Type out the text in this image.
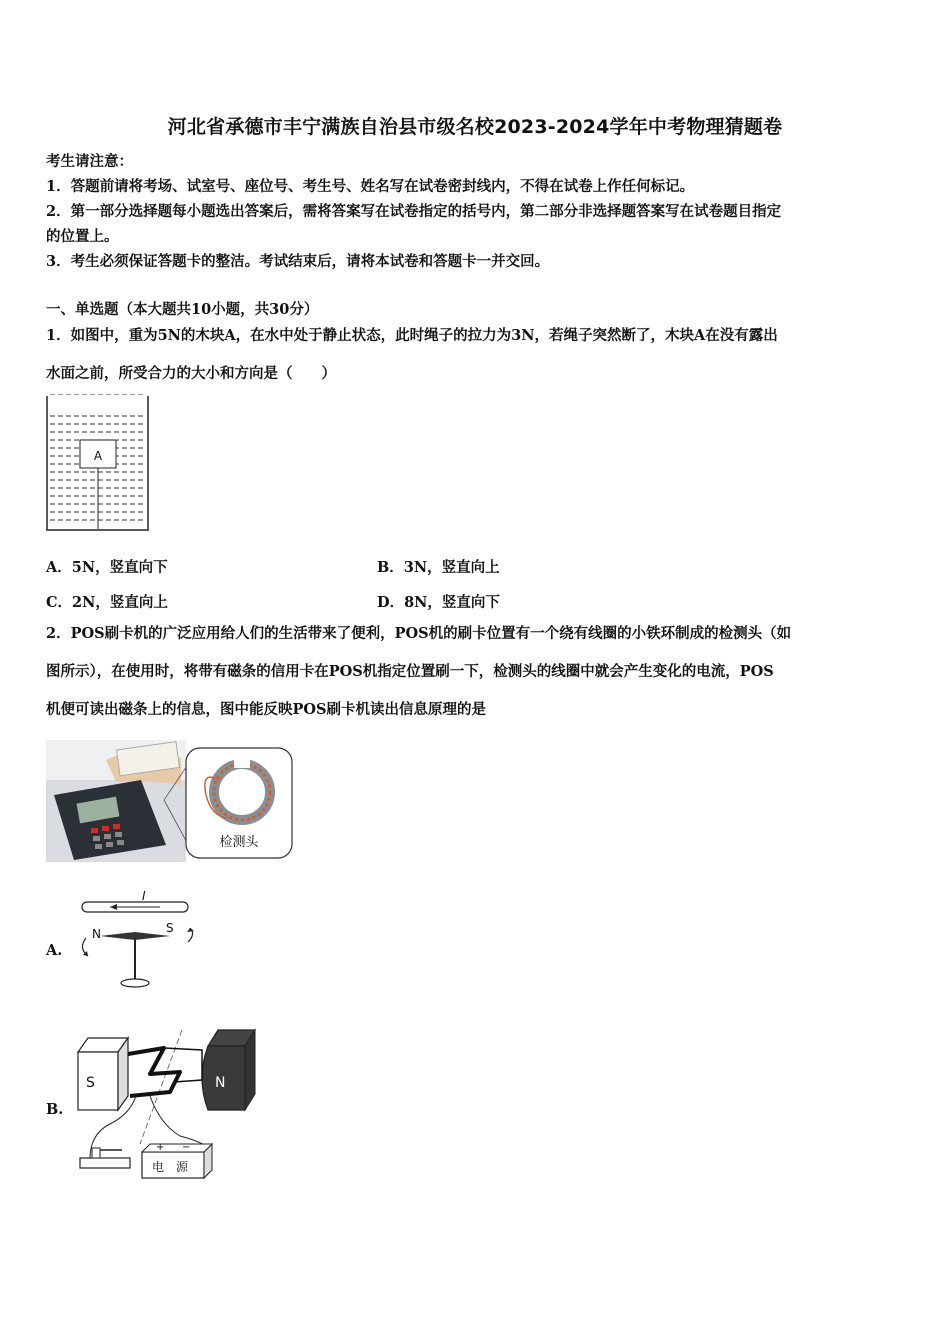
河北省承德市丰宁满族自治县市级名校2023-2024学年中考物理猜题卷
考生请注意：
1．答题前请将考场、试室号、座位号、考生号、姓名写在试卷密封线内，不得在试卷上作任何标记。
2．第一部分选择题每小题选出答案后，需将答案写在试卷指定的括号内，第二部分非选择题答案写在试卷题目指定
的位置上。
3．考生必须保证答题卡的整洁。考试结束后，请将本试卷和答题卡一并交回。
一、单选题（本大题共10小题，共30分）
1．如图中，重为5N的木块A，在水中处于静止状态，此时绳子的拉力为3N，若绳子突然断了，木块A在没有露出
水面之前，所受合力的大小和方向是（　　）
A
A．5N，竖直向下	B．3N，竖直向上
C．2N，竖直向上	D．8N，竖直向下
2．POS刷卡机的广泛应用给人们的生活带来了便利，POS机的刷卡位置有一个绕有线圈的小铁环制成的检测头（如
图所示），在使用时，将带有磁条的信用卡在POS机指定位置刷一下，检测头的线圈中就会产生变化的电流，POS
机便可读出磁条上的信息，图中能反映POS刷卡机读出信息原理的是
检测头
A.
I
N	S
B.
S	N
电　源
+ −
